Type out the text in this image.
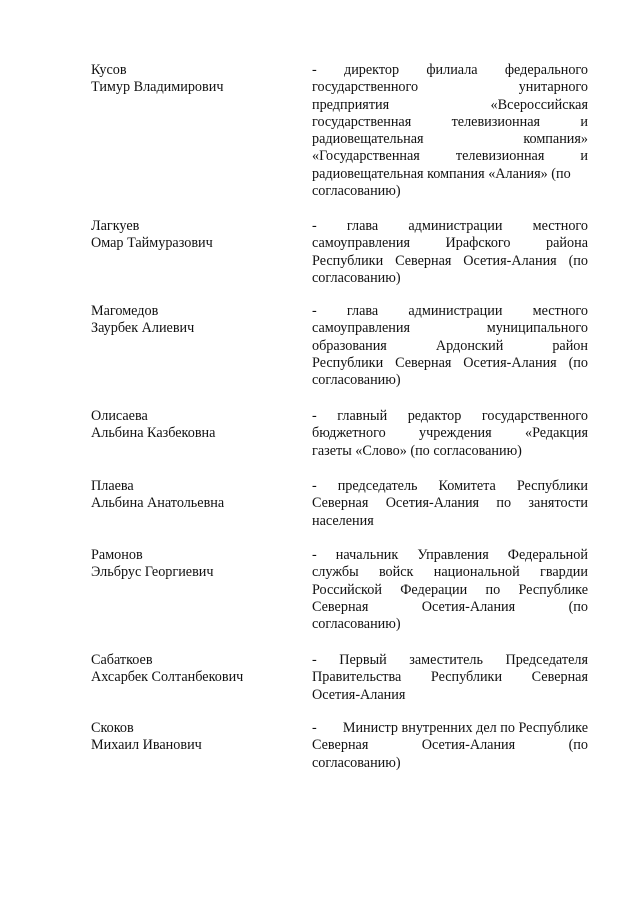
Кусов
Тимур Владимирович
- директор филиала федерального
государственного	унитарного
предприятия	«Всероссийская
государственная	телевизионная	и
радиовещательная	компания»
«Государственная	телевизионная	и
радиовещательная компания «Алания» (по
согласованию)
Лагкуев
Омар Таймуразович
- глава администрации местного
самоуправления	Ирафского	района
Республики Северная Осетия-Алания (по
согласованию)
Магомедов
Заурбек Алиевич
- глава администрации местного
самоуправления	муниципального
образования	Ардонский	район
Республики Северная Осетия-Алания (по
согласованию)
Олисаева
Альбина Казбековна
- главный редактор государственного
бюджетного учреждения «Редакция
газеты «Слово» (по согласованию)
Плаева
Альбина Анатольевна
- председатель Комитета Республики
Северная Осетия-Алания по занятости
населения
Рамонов
Эльбрус Георгиевич
- начальник Управления Федеральной
службы войск национальной гвардии
Российской Федерации по Республике
Северная	Осетия-Алания	(по
согласованию)
Сабаткоев
Ахсарбек Солтанбекович
- Первый заместитель Председателя
Правительства Республики Северная
Осетия-Алания
Скоков
Михаил Иванович
- Министр внутренних дел по Республике
Северная	Осетия-Алания	(по
согласованию)
